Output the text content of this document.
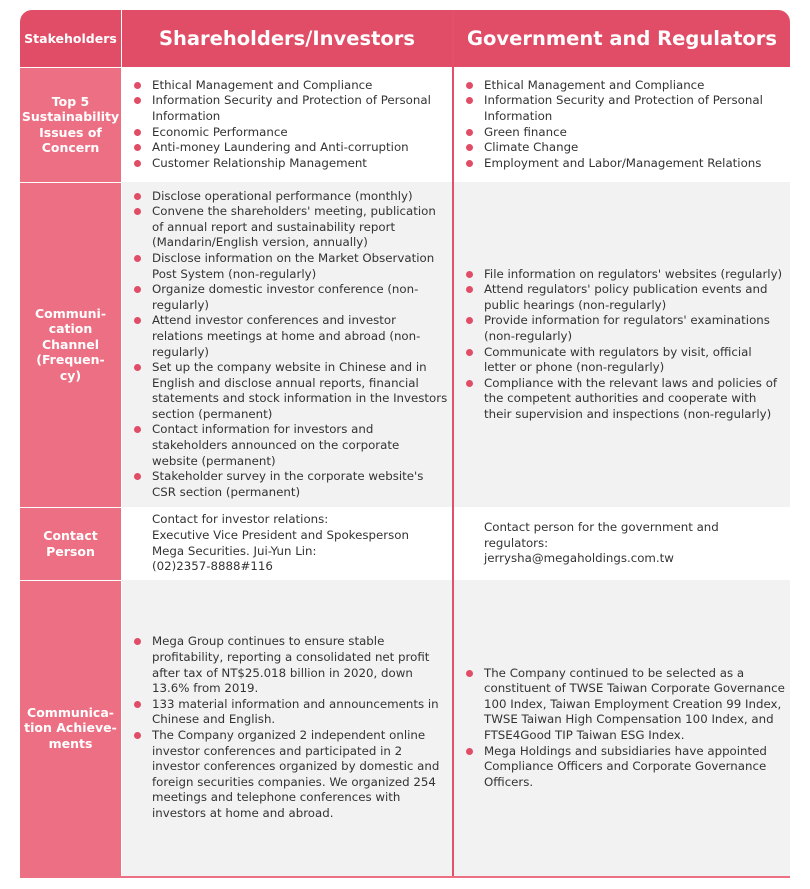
Stakeholders	Shareholders/Investors	Government and Regulators
Top 5 Sustainability Issues of Concern
Ethical Management and Compliance
Information Security and Protection of Personal Information
Economic Performance
Anti-money Laundering and Anti-corruption
Customer Relationship Management
Ethical Management and Compliance
Information Security and Protection of Personal Information
Green finance
Climate Change
Employment and Labor/Management Relations
Communi- cation Channel (Frequen- cy)
Disclose operational performance (monthly)
Convene the shareholders' meeting, publication of annual report and sustainability report (Mandarin/English version, annually)
Disclose information on the Market Observation Post System (non-regularly)
Organize domestic investor conference (non-regularly)
Attend investor conferences and investor relations meetings at home and abroad (non-regularly)
Set up the company website in Chinese and in English and disclose annual reports, financial statements and stock information in the Investors section (permanent)
Contact information for investors and stakeholders announced on the corporate website (permanent)
Stakeholder survey in the corporate website's CSR section (permanent)
File information on regulators' websites (regularly)
Attend regulators' policy publication events and public hearings (non-regularly)
Provide information for regulators' examinations (non-regularly)
Communicate with regulators by visit, official letter or phone (non-regularly)
Compliance with the relevant laws and policies of the competent authorities and cooperate with their supervision and inspections (non-regularly)
Contact Person
Contact for investor relations:
Executive Vice President and Spokesperson
Mega Securities. Jui-Yun Lin:
(02)2357-8888#116
Contact person for the government and regulators:
jerrysha@megaholdings.com.tw
Communica- tion Achieve- ments
Mega Group continues to ensure stable profitability, reporting a consolidated net profit after tax of NT$25.018 billion in 2020, down 13.6% from 2019.
133 material information and announcements in Chinese and English.
The Company organized 2 independent online investor conferences and participated in 2 investor conferences organized by domestic and foreign securities companies. We organized 254 meetings and telephone conferences with investors at home and abroad.
The Company continued to be selected as a constituent of TWSE Taiwan Corporate Governance 100 Index, Taiwan Employment Creation 99 Index, TWSE Taiwan High Compensation 100 Index, and FTSE4Good TIP Taiwan ESG Index.
Mega Holdings and subsidiaries have appointed Compliance Officers and Corporate Governance Officers.
